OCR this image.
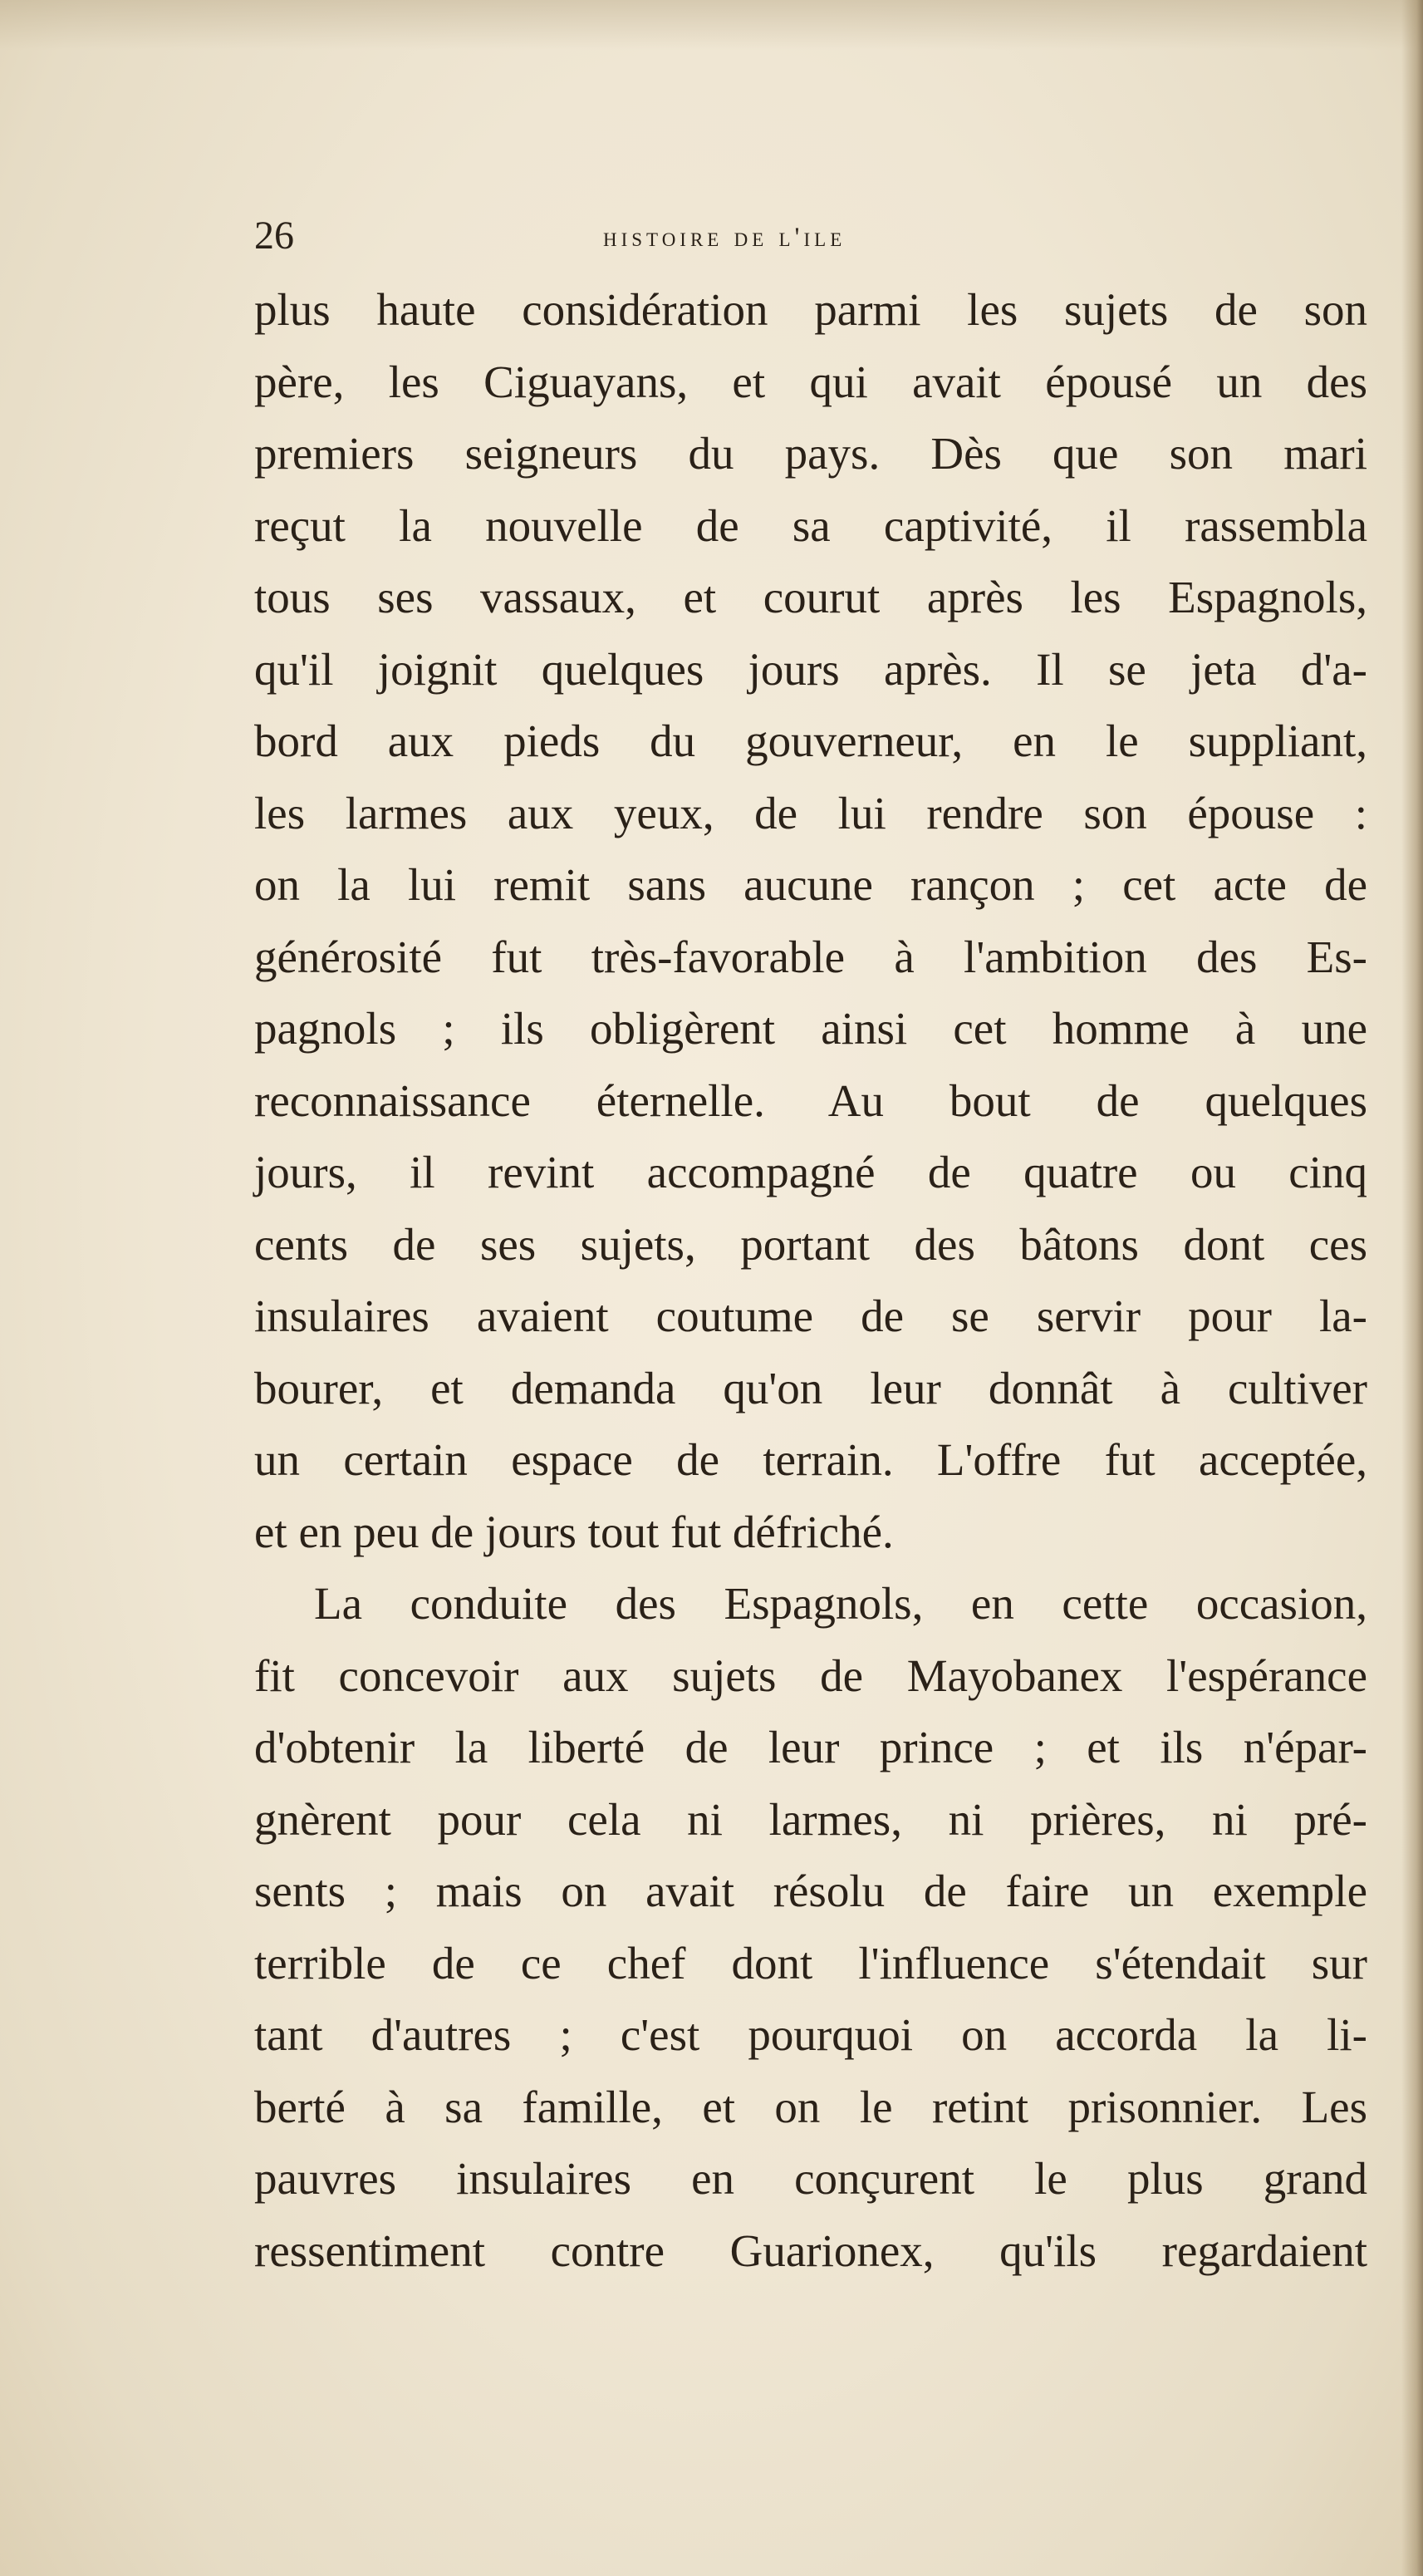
26	histoire de l'ile
plus haute considération parmi les sujets de son
père, les Ciguayans, et qui avait épousé un des
premiers seigneurs du pays. Dès que son mari
reçut la nouvelle de sa captivité, il rassembla
tous ses vassaux, et courut après les Espagnols,
qu'il joignit quelques jours après. Il se jeta d'a-
bord aux pieds du gouverneur, en le suppliant,
les larmes aux yeux, de lui rendre son épouse :
on la lui remit sans aucune rançon ; cet acte de
générosité fut très-favorable à l'ambition des Es-
pagnols ; ils obligèrent ainsi cet homme à une
reconnaissance éternelle. Au bout de quelques
jours, il revint accompagné de quatre ou cinq
cents de ses sujets, portant des bâtons dont ces
insulaires avaient coutume de se servir pour la-
bourer, et demanda qu'on leur donnât à cultiver
un certain espace de terrain. L'offre fut acceptée,
et en peu de jours tout fut défriché.
La conduite des Espagnols, en cette occasion,
fit concevoir aux sujets de Mayobanex l'espérance
d'obtenir la liberté de leur prince ; et ils n'épar-
gnèrent pour cela ni larmes, ni prières, ni pré-
sents ; mais on avait résolu de faire un exemple
terrible de ce chef dont l'influence s'étendait sur
tant d'autres ; c'est pourquoi on accorda la li-
berté à sa famille, et on le retint prisonnier. Les
pauvres insulaires en conçurent le plus grand
ressentiment contre Guarionex, qu'ils regardaient
